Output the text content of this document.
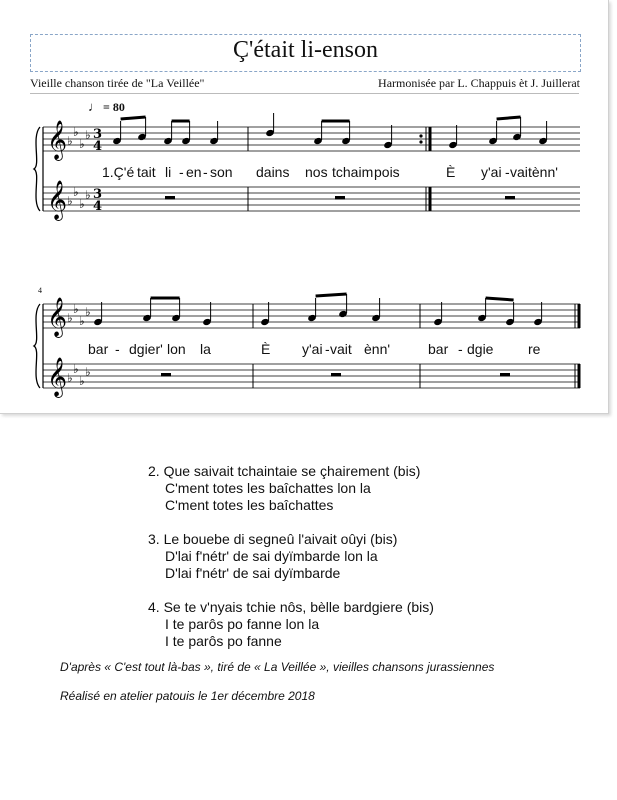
Ç'était li-enson
Vieille chanson tirée de "La Veillée"	Harmonisée par L. Chappuis èt J. Juillerat
♩ = 80
4
𝄞 ♭
♭
♭
♭ 3
4
𝄞 ♭
♭
♭
♭ 3
4
𝄞 ♭
♭
♭
♭
𝄞 ♭
♭
♭
♭
1.Ç'é tait li - en - son dains nos tchaim pois	È y'ai - vai tènn'
bar - dgier' lon la	È y'ai - vait ènn'	bar - dgie re
2. Que saivait tchaintaie se çhairement (bis)
C'ment totes les baîchattes lon la
C'ment totes les baîchattes
3. Le bouebe di segneû l'aivait oûyi (bis)
D'lai f'nétr' de sai dyïmbarde lon la
D'lai f'nétr' de sai dyïmbarde
4. Se te v'nyais tchie nôs, bèlle bardgiere (bis)
I te parôs po fanne lon la
I te parôs po fanne
D'après « C'est tout là-bas », tiré de « La Veillée », vieilles chansons jurassiennes
Réalisé en atelier patouis le 1er décembre 2018
